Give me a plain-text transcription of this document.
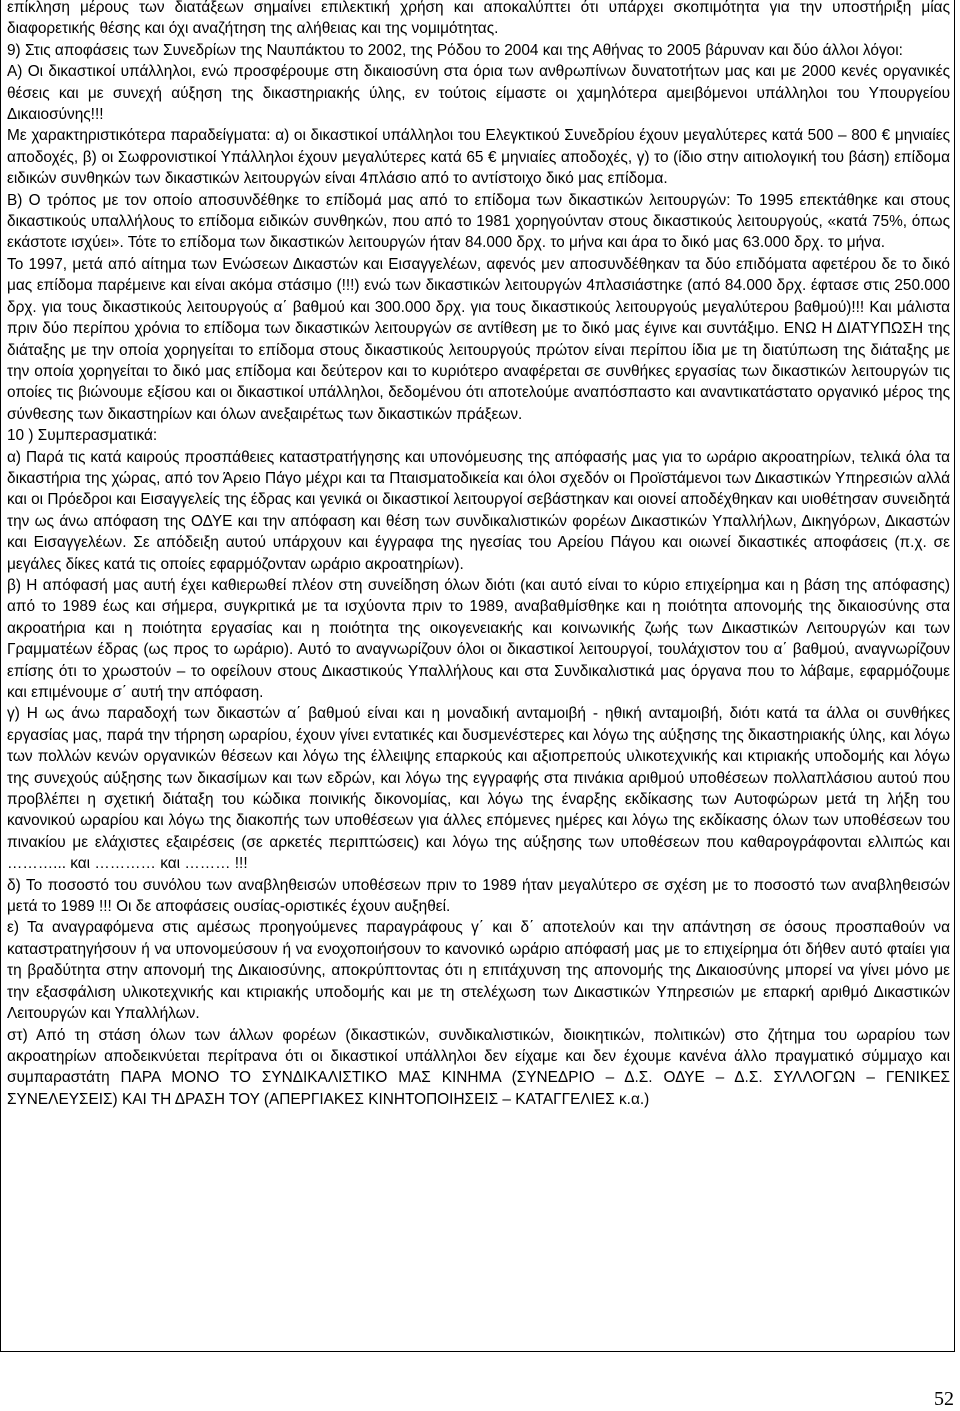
επίκληση μέρους των διατάξεων σημαίνει επιλεκτική χρήση και αποκαλύπτει ότι υπάρχει σκοπιμότητα για την υποστήριξη μίας διαφορετικής θέσης και όχι αναζήτηση της αλήθειας και της νομιμότητας.

9) Στις αποφάσεις των Συνεδρίων της Ναυπάκτου το 2002, της Ρόδου το 2004 και της Αθήνας το 2005 βάρυναν και δύο άλλοι λόγοι:

Α) Οι δικαστικοί υπάλληλοι, ενώ προσφέρουμε στη δικαιοσύνη στα όρια των ανθρωπίνων δυνατοτήτων μας και με 2000 κενές οργανικές θέσεις και με συνεχή αύξηση της δικαστηριακής ύλης, εν τούτοις είμαστε οι χαμηλότερα αμειβόμενοι υπάλληλοι του Υπουργείου Δικαιοσύνης!!!

Με χαρακτηριστικότερα παραδείγματα: α) οι δικαστικοί υπάλληλοι του Ελεγκτικού Συνεδρίου έχουν μεγαλύτερες κατά 500 – 800 € μηνιαίες αποδοχές, β) οι Σωφρονιστικοί Υπάλληλοι έχουν μεγαλύτερες κατά 65 € μηνιαίες αποδοχές, γ) το (ίδιο στην αιτιολογική του βάση) επίδομα ειδικών συνθηκών των δικαστικών λειτουργών είναι 4πλάσιο από το αντίστοιχο δικό μας επίδομα.

Β) Ο τρόπος με τον οποίο αποσυνδέθηκε το επίδομά μας από το επίδομα των δικαστικών λειτουργών: Το 1995 επεκτάθηκε και στους δικαστικούς υπαλλήλους το επίδομα ειδικών συνθηκών, που από το 1981 χορηγούνταν στους δικαστικούς λειτουργούς, «κατά 75%, όπως εκάστοτε ισχύει». Τότε το επίδομα των δικαστικών λειτουργών ήταν 84.000 δρχ. το μήνα και άρα το δικό μας 63.000 δρχ. το μήνα.

Το 1997, μετά από αίτημα των Ενώσεων Δικαστών και Εισαγγελέων, αφενός μεν αποσυνδέθηκαν τα δύο επιδόματα αφετέρου δε το δικό μας επίδομα παρέμεινε και είναι ακόμα στάσιμο (!!!) ενώ των δικαστικών λειτουργών 4πλασιάστηκε (από 84.000 δρχ. έφτασε στις 250.000 δρχ. για τους δικαστικούς λειτουργούς α΄ βαθμού και 300.000 δρχ. για τους δικαστικούς λειτουργούς μεγαλύτερου βαθμού)!!! Και μάλιστα πριν δύο περίπου χρόνια το επίδομα των δικαστικών λειτουργών σε αντίθεση με το δικό μας έγινε και συντάξιμο. ΕΝΩ Η ΔΙΑΤΥΠΩΣΗ της διάταξης με την οποία χορηγείται το επίδομα στους δικαστικούς λειτουργούς πρώτον είναι περίπου ίδια με τη διατύπωση της διάταξης με την οποία χορηγείται το δικό μας επίδομα και δεύτερον και το κυριότερο αναφέρεται σε συνθήκες εργασίας των δικαστικών λειτουργών τις οποίες τις βιώνουμε εξίσου και οι δικαστικοί υπάλληλοι, δεδομένου ότι αποτελούμε αναπόσπαστο και αναντικατάστατο οργανικό μέρος της σύνθεσης των δικαστηρίων και όλων ανεξαιρέτως των δικαστικών πράξεων.

10 ) Συμπερασματικά:

α) Παρά τις κατά καιρούς προσπάθειες καταστρατήγησης και υπονόμευσης της απόφασής μας για το ωράριο ακροατηρίων, τελικά όλα τα δικαστήρια της χώρας, από τον Άρειο Πάγο μέχρι και τα Πταισματοδικεία και όλοι σχεδόν οι Προϊστάμενοι των Δικαστικών Υπηρεσιών αλλά και οι Πρόεδροι και Εισαγγελείς της έδρας και γενικά οι δικαστικοί λειτουργοί σεβάστηκαν και οιονεί αποδέχθηκαν και υιοθέτησαν συνειδητά την ως άνω απόφαση της ΟΔΥΕ και την απόφαση και θέση των συνδικαλιστικών φορέων Δικαστικών Υπαλλήλων, Δικηγόρων, Δικαστών και Εισαγγελέων. Σε απόδειξη αυτού υπάρχουν και έγγραφα της ηγεσίας του Αρείου Πάγου και οιωνεί δικαστικές αποφάσεις (π.χ. σε μεγάλες δίκες κατά τις οποίες εφαρμόζονταν ωράριο ακροατηρίων).

β) Η απόφασή μας αυτή έχει καθιερωθεί πλέον στη συνείδηση όλων διότι (και αυτό είναι το κύριο επιχείρημα και η βάση της απόφασης) από το 1989 έως και σήμερα, συγκριτικά με τα ισχύοντα πριν το 1989, αναβαθμίσθηκε και η ποιότητα απονομής της δικαιοσύνης στα ακροατήρια και η ποιότητα εργασίας και η ποιότητα της οικογενειακής και κοινωνικής ζωής των Δικαστικών Λειτουργών και των Γραμματέων έδρας (ως προς το ωράριο). Αυτό το αναγνωρίζουν όλοι οι δικαστικοί λειτουργοί, τουλάχιστον του α΄ βαθμού, αναγνωρίζουν επίσης ότι το χρωστούν – το οφείλουν στους Δικαστικούς Υπαλλήλους και στα Συνδικαλιστικά μας όργανα που το λάβαμε, εφαρμόζουμε και επιμένουμε σ΄ αυτή την απόφαση.

γ) Η ως άνω παραδοχή των δικαστών α΄ βαθμού είναι και η μοναδική ανταμοιβή - ηθική ανταμοιβή, διότι κατά τα άλλα οι συνθήκες εργασίας μας, παρά την τήρηση ωραρίου, έχουν γίνει εντατικές και δυσμενέστερες και λόγω της αύξησης της δικαστηριακής ύλης, και λόγω των πολλών κενών οργανικών θέσεων και λόγω της έλλειψης επαρκούς και αξιοπρεπούς υλικοτεχνικής και κτιριακής υποδομής και λόγω της συνεχούς αύξησης των δικασίμων και των εδρών, και λόγω της εγγραφής στα πινάκια αριθμού υποθέσεων πολλαπλάσιου αυτού που προβλέπει η σχετική διάταξη του κώδικα ποινικής δικονομίας, και λόγω της έναρξης εκδίκασης των Αυτοφώρων μετά τη λήξη του κανονικού ωραρίου και λόγω της διακοπής των υποθέσεων για άλλες επόμενες ημέρες και λόγω της εκδίκασης όλων των υποθέσεων του πινακίου με ελάχιστες εξαιρέσεις (σε αρκετές περιπτώσεις) και λόγω της αύξησης των υποθέσεων που καθαρογράφονται ελλιπώς και ………... και ………… και ……… !!!

δ) Το ποσοστό του συνόλου των αναβληθεισών υποθέσεων πριν το 1989 ήταν μεγαλύτερο σε σχέση με το ποσοστό των αναβληθεισών μετά το 1989 !!! Οι δε αποφάσεις ουσίας-οριστικές έχουν αυξηθεί.

ε) Τα αναγραφόμενα στις αμέσως προηγούμενες παραγράφους γ΄ και δ΄ αποτελούν και την απάντηση σε όσους προσπαθούν να καταστρατηγήσουν ή να υπονομεύσουν ή να ενοχοποιήσουν το κανονικό ωράριο απόφασή μας με το επιχείρημα ότι δήθεν αυτό φταίει για τη βραδύτητα στην απονομή της Δικαιοσύνης, αποκρύπτοντας ότι η επιτάχυνση της απονομής της Δικαιοσύνης μπορεί να γίνει μόνο με την εξασφάλιση υλικοτεχνικής και κτιριακής υποδομής και με τη στελέχωση των Δικαστικών Υπηρεσιών με επαρκή αριθμό Δικαστικών Λειτουργών και Υπαλλήλων.

στ) Από τη στάση όλων των άλλων φορέων (δικαστικών, συνδικαλιστικών, διοικητικών, πολιτικών) στο ζήτημα του ωραρίου των ακροατηρίων αποδεικνύεται περίτρανα ότι οι δικαστικοί υπάλληλοι δεν είχαμε και δεν έχουμε κανένα άλλο πραγματικό σύμμαχο και συμπαραστάτη ΠΑΡΑ ΜΟΝΟ ΤΟ ΣΥΝΔΙΚΑΛΙΣΤΙΚΟ ΜΑΣ ΚΙΝΗΜΑ (ΣΥΝΕΔΡΙΟ – Δ.Σ. ΟΔΥΕ – Δ.Σ. ΣΥΛΛΟΓΩΝ – ΓΕΝΙΚΕΣ ΣΥΝΕΛΕΥΣΕΙΣ) ΚΑΙ ΤΗ ΔΡΑΣΗ ΤΟΥ (ΑΠΕΡΓΙΑΚΕΣ ΚΙΝΗΤΟΠΟΙΗΣΕΙΣ – ΚΑΤΑΓΓΕΛΙΕΣ κ.α.)

52
